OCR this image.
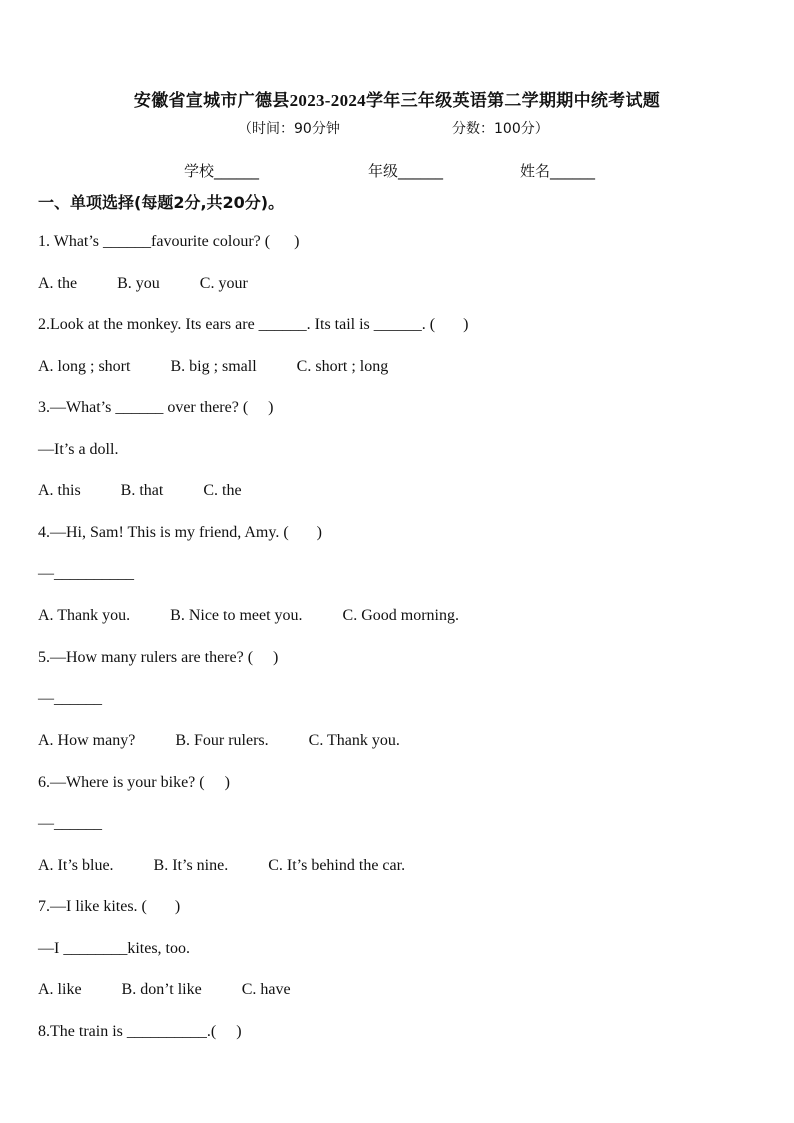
安徽省宣城市广德县2023-2024学年三年级英语第二学期期中统考试题
（时间：90分钟	分数：100分）
学校______	年级______	姓名______
一、单项选择(每题2分,共20分)。
1. What’s ______favourite colour? (      )
A. the          B. you          C. your
2.Look at the monkey. Its ears are ______. Its tail is ______. (       )
A. long ; short          B. big ; small          C. short ; long
3.—What’s ______ over there? (     )
—It’s a doll.
A. this          B. that          C. the
4.—Hi, Sam! This is my friend, Amy. (       )
—__________
A. Thank you.          B. Nice to meet you.          C. Good morning.
5.—How many rulers are there? (     )
—______
A. How many?          B. Four rulers.          C. Thank you.
6.—Where is your bike? (     )
—______
A. It’s blue.          B. It’s nine.          C. It’s behind the car.
7.—I like kites. (       )
—I ________kites, too.
A. like          B. don’t like          C. have
8.The train is __________.(     )
